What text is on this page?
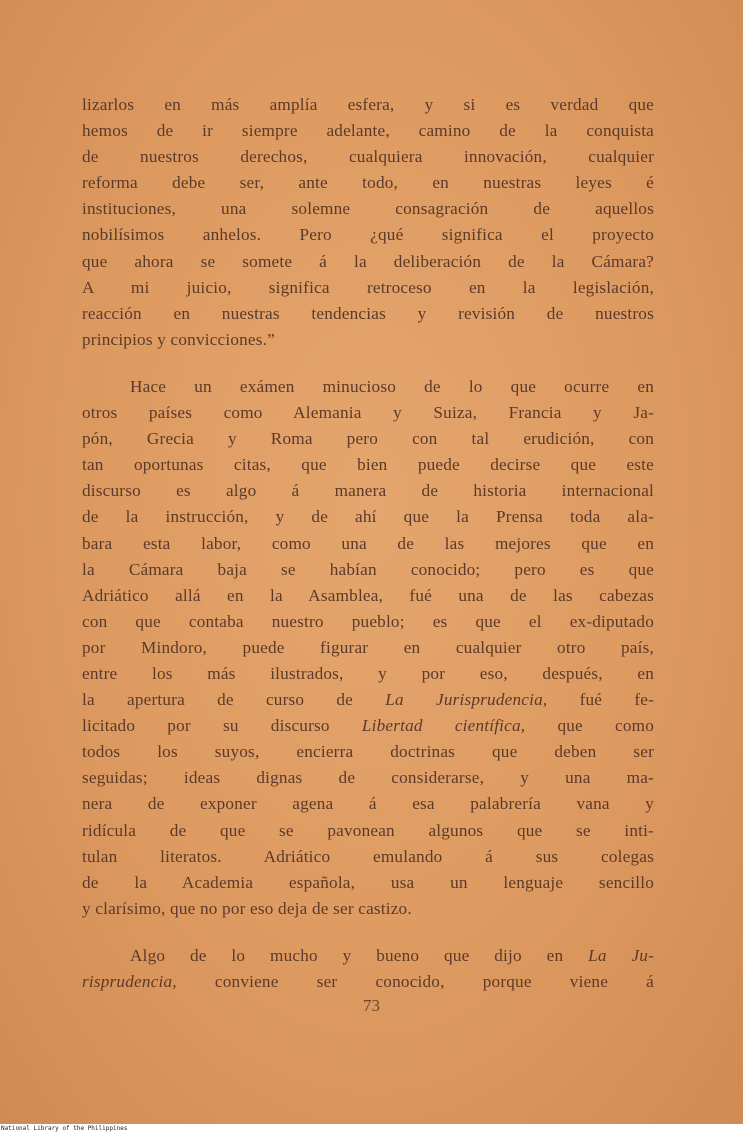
lizarlos en más amplía esfera, y si es verdad que
hemos de ir siempre adelante, camino de la conquista
de nuestros derechos, cualquiera innovación, cualquier
reforma debe ser, ante todo, en nuestras leyes é
instituciones, una solemne consagración de aquellos
nobilísimos anhelos. Pero ¿qué significa el proyecto
que ahora se somete á la deliberación de la Cámara?
A mi juicio, significa retroceso en la legislación,
reacción en nuestras tendencias y revisión de nuestros
principios y convicciones.”
Hace un exámen minucioso de lo que ocurre en
otros países como Alemania y Suiza, Francia y Ja-
pón, Grecia y Roma pero con tal erudición, con
tan oportunas citas, que bien puede decirse que este
discurso es algo á manera de historia internacional
de la instrucción, y de ahí que la Prensa toda ala-
bara esta labor, como una de las mejores que en
la Cámara baja se habían conocido; pero es que
Adriático allá en la Asamblea, fué una de las cabezas
con que contaba nuestro pueblo; es que el ex-diputado
por Mindoro, puede figurar en cualquier otro país,
entre los más ilustrados, y por eso, después, en
la apertura de curso de La Jurisprudencia, fué fe-
licitado por su discurso Libertad científica, que como
todos los suyos, encierra doctrinas que deben ser
seguidas; ideas dignas de considerarse, y una ma-
nera de exponer agena á esa palabrería vana y
ridícula de que se pavonean algunos que se inti-
tulan literatos. Adriático emulando á sus colegas
de la Academia española, usa un lenguaje sencillo
y clarísimo, que no por eso deja de ser castizo.
Algo de lo mucho y bueno que dijo en La Ju-
risprudencia, conviene ser conocido, porque viene á
73
National Library of the Philippines
